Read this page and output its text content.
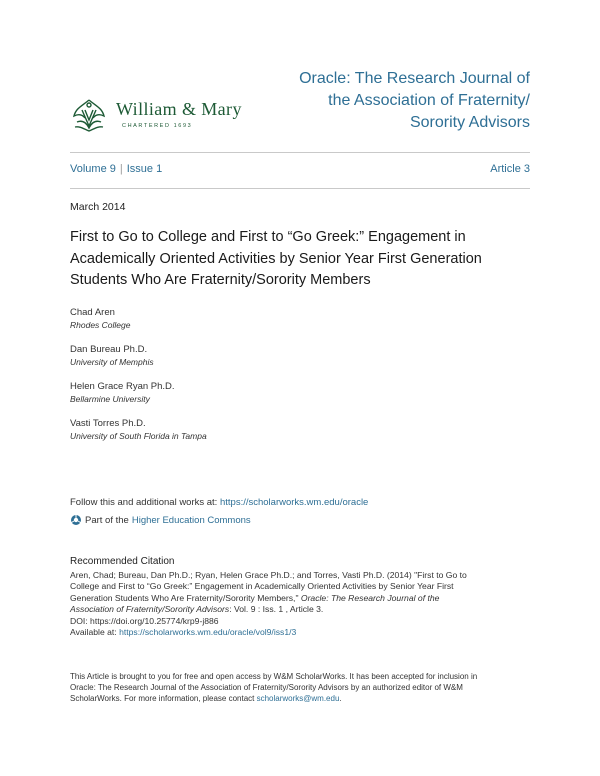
William & Mary
CHARTERED 1693
Oracle: The Research Journal of
the Association of Fraternity/
Sorority Advisors
Volume 9 | Issue 1	Article 3
March 2014
First to Go to College and First to “Go Greek:” Engagement in
Academically Oriented Activities by Senior Year First Generation
Students Who Are Fraternity/Sorority Members
Chad Aren
Rhodes College
Dan Bureau Ph.D.
University of Memphis
Helen Grace Ryan Ph.D.
Bellarmine University
Vasti Torres Ph.D.
University of South Florida in Tampa
Follow this and additional works at: https://scholarworks.wm.edu/oracle
Part of the Higher Education Commons
Recommended Citation
Aren, Chad; Bureau, Dan Ph.D.; Ryan, Helen Grace Ph.D.; and Torres, Vasti Ph.D. (2014) "First to Go to
College and First to “Go Greek:” Engagement in Academically Oriented Activities by Senior Year First
Generation Students Who Are Fraternity/Sorority Members," Oracle: The Research Journal of the
Association of Fraternity/Sorority Advisors: Vol. 9 : Iss. 1 , Article 3.
DOI: https://doi.org/10.25774/krp9-j886
Available at: https://scholarworks.wm.edu/oracle/vol9/iss1/3
This Article is brought to you for free and open access by W&M ScholarWorks. It has been accepted for inclusion in
Oracle: The Research Journal of the Association of Fraternity/Sorority Advisors by an authorized editor of W&M
ScholarWorks. For more information, please contact scholarworks@wm.edu.
